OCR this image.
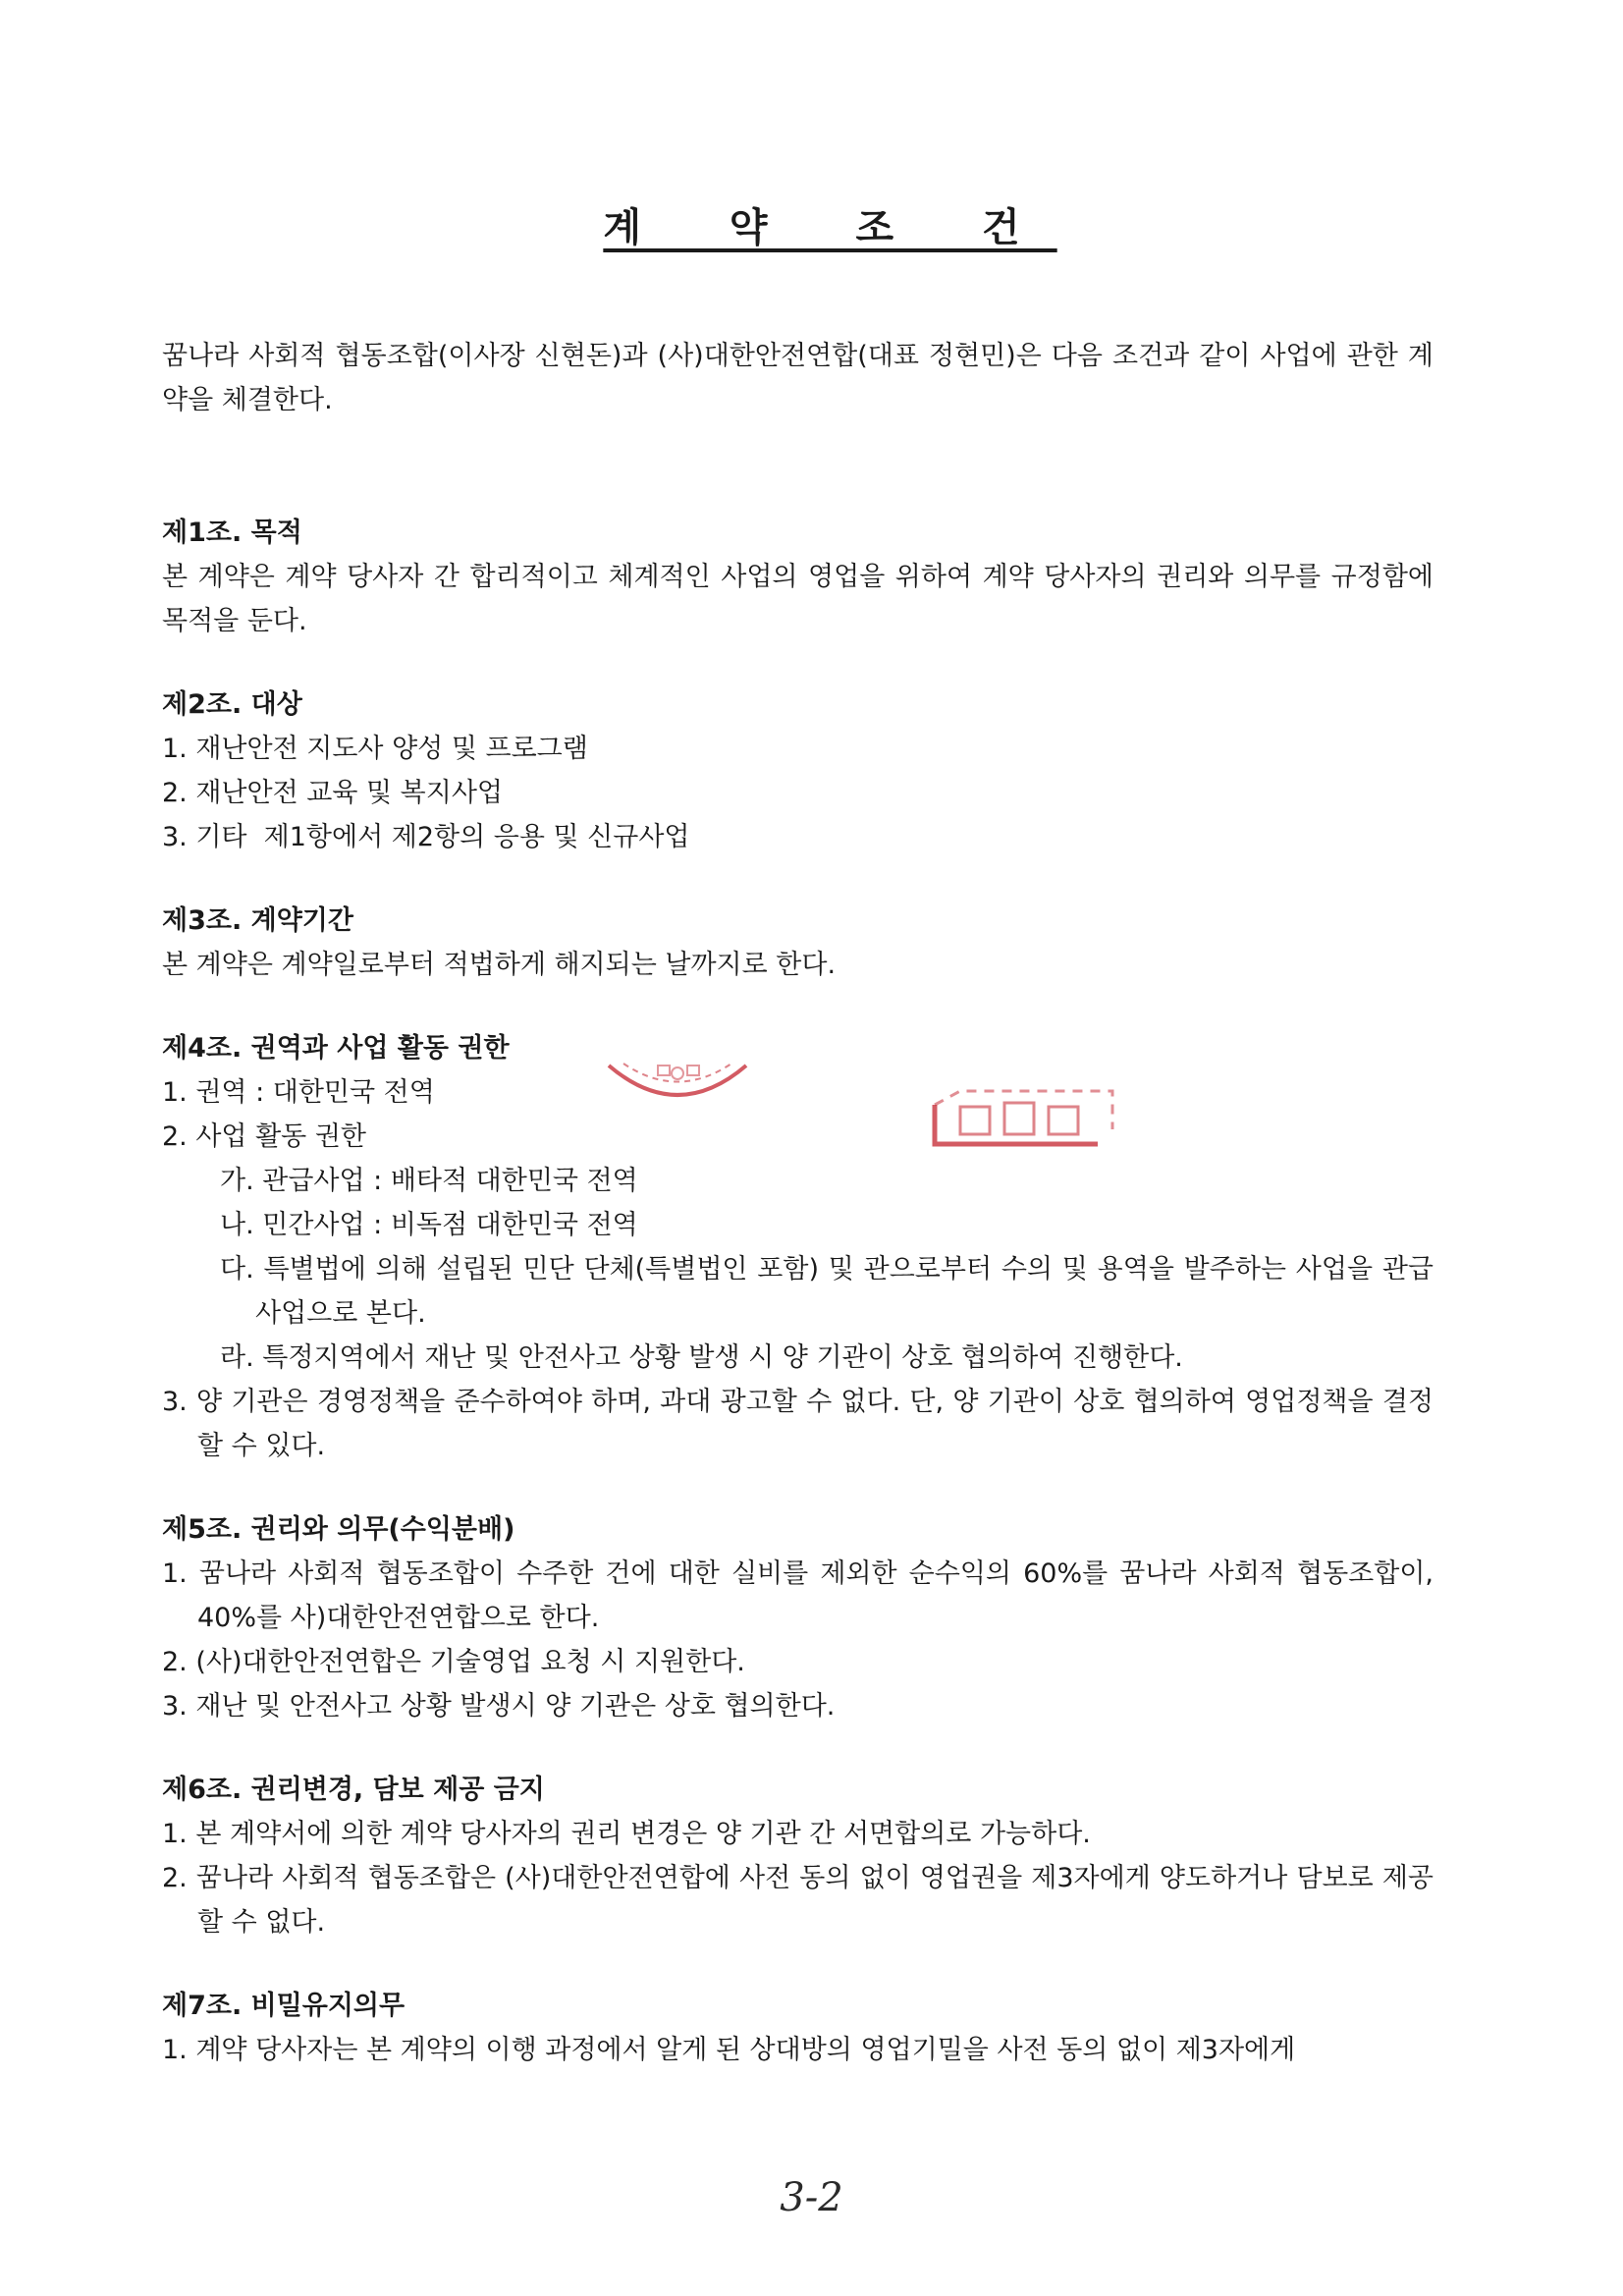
계 약 조 건

꿈나라 사회적 협동조합(이사장 신현돈)과 (사)대한안전연합(대표 정현민)은 다음 조건과 같이 사업에 관한 계약을 체결한다.

제1조. 목적

본 계약은 계약 당사자 간 합리적이고 체계적인 사업의 영업을 위하여 계약 당사자의 권리와 의무를 규정함에 목적을 둔다.

제2조. 대상

1. 재난안전 지도사 양성 및 프로그램

2. 재난안전 교육 및 복지사업

3. 기타  제1항에서 제2항의 응용 및 신규사업

제3조. 계약기간

본 계약은 계약일로부터 적법하게 해지되는 날까지로 한다.

제4조. 권역과 사업 활동 권한

1. 권역 : 대한민국 전역

2. 사업 활동 권한

가. 관급사업 : 배타적 대한민국 전역

나. 민간사업 : 비독점 대한민국 전역

다. 특별법에 의해 설립된 민단 단체(특별법인 포함) 및 관으로부터 수의 및 용역을 발주하는 사업을 관급 사업으로 본다.

라. 특정지역에서 재난 및 안전사고 상황 발생 시 양 기관이 상호 협의하여 진행한다.

3. 양 기관은 경영정책을 준수하여야 하며, 과대 광고할 수 없다. 단, 양 기관이 상호 협의하여 영업정책을 결정할 수 있다.

제5조. 권리와 의무(수익분배)

1. 꿈나라 사회적 협동조합이 수주한 건에 대한 실비를 제외한 순수익의 60%를 꿈나라 사회적 협동조합이, 40%를 사)대한안전연합으로 한다.

2. (사)대한안전연합은 기술영업 요청 시 지원한다.

3. 재난 및 안전사고 상황 발생시 양 기관은 상호 협의한다.

제6조. 권리변경, 담보 제공 금지

1. 본 계약서에 의한 계약 당사자의 권리 변경은 양 기관 간 서면합의로 가능하다.

2. 꿈나라 사회적 협동조합은 (사)대한안전연합에 사전 동의 없이 영업권을 제3자에게 양도하거나 담보로 제공할 수 없다.

제7조. 비밀유지의무

1. 계약 당사자는 본 계약의 이행 과정에서 알게 된 상대방의 영업기밀을 사전 동의 없이 제3자에게

3-2
